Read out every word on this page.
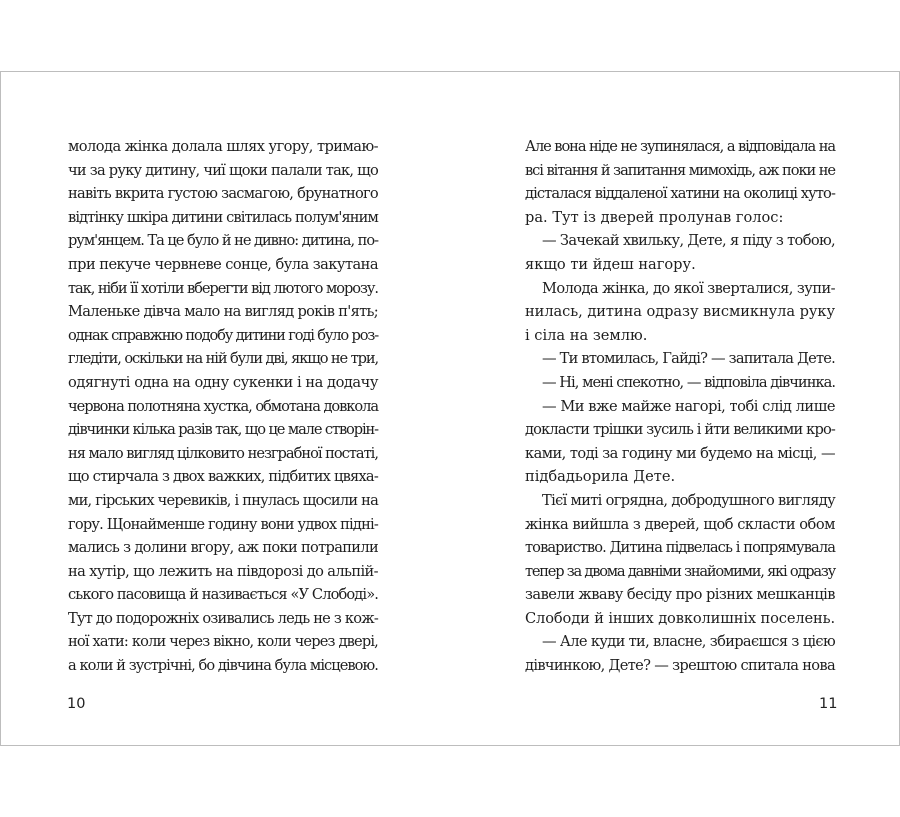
молода жінка долала шлях угору, тримаю-
чи за руку дитину, чиї щоки палали так, що
навіть вкрита густою засмагою, брунатного
відтінку шкіра дитини світилась полум'яним
рум'янцем. Та це було й не дивно: дитина, по-
при пекуче червневе сонце, була закутана
так, ніби її хотіли вберегти від лютого морозу.
Маленьке дівча мало на вигляд років п'ять;
однак справжню подобу дитини годі було роз-
гледіти, оскільки на ній були дві, якщо не три,
одягнуті одна на одну сукенки і на додачу
червона полотняна хустка, обмотана довкола
дівчинки кілька разів так, що це мале створін-
ня мало вигляд цілковито незграбної постаті,
що стирчала з двох важких, підбитих цвяха-
ми, гірських черевиків, і пнулась щосили на
гору. Щонайменше годину вони удвох підні-
мались з долини вгору, аж поки потрапили
на хутір, що лежить на півдорозі до альпій-
ського пасовища й називається «У Слободі».
Тут до подорожніх озивались ледь не з кож-
ної хати: коли через вікно, коли через двері,
а коли й зустрічні, бо дівчина була місцевою.
Але вона ніде не зупинялася, а відповідала на
всі вітання й запитання мимохідь, аж поки не
дісталася віддаленої хатини на околиці хуто-
ра. Тут із дверей пролунав голос:
— Зачекай хвильку, Дете, я піду з тобою,
якщо ти йдеш нагору.
Молода жінка, до якої зверталися, зупи-
нилась, дитина одразу висмикнула руку
і сіла на землю.
— Ти втомилась, Гайді? — запитала Дете.
— Ні, мені спекотно, — відповіла дівчинка.
— Ми вже майже нагорі, тобі слід лише
докласти трішки зусиль і йти великими кро-
ками, тоді за годину ми будемо на місці, —
підбадьорила Дете.
Тієї миті огрядна, добродушного вигляду
жінка вийшла з дверей, щоб скласти обом
товариство. Дитина підвелась і попрямувала
тепер за двома давніми знайомими, які одразу
завели жваву бесіду про різних мешканців
Слободи й інших довколишніх поселень.
— Але куди ти, власне, збираєшся з цією
дівчинкою, Дете? — зрештою спитала нова
10	11
